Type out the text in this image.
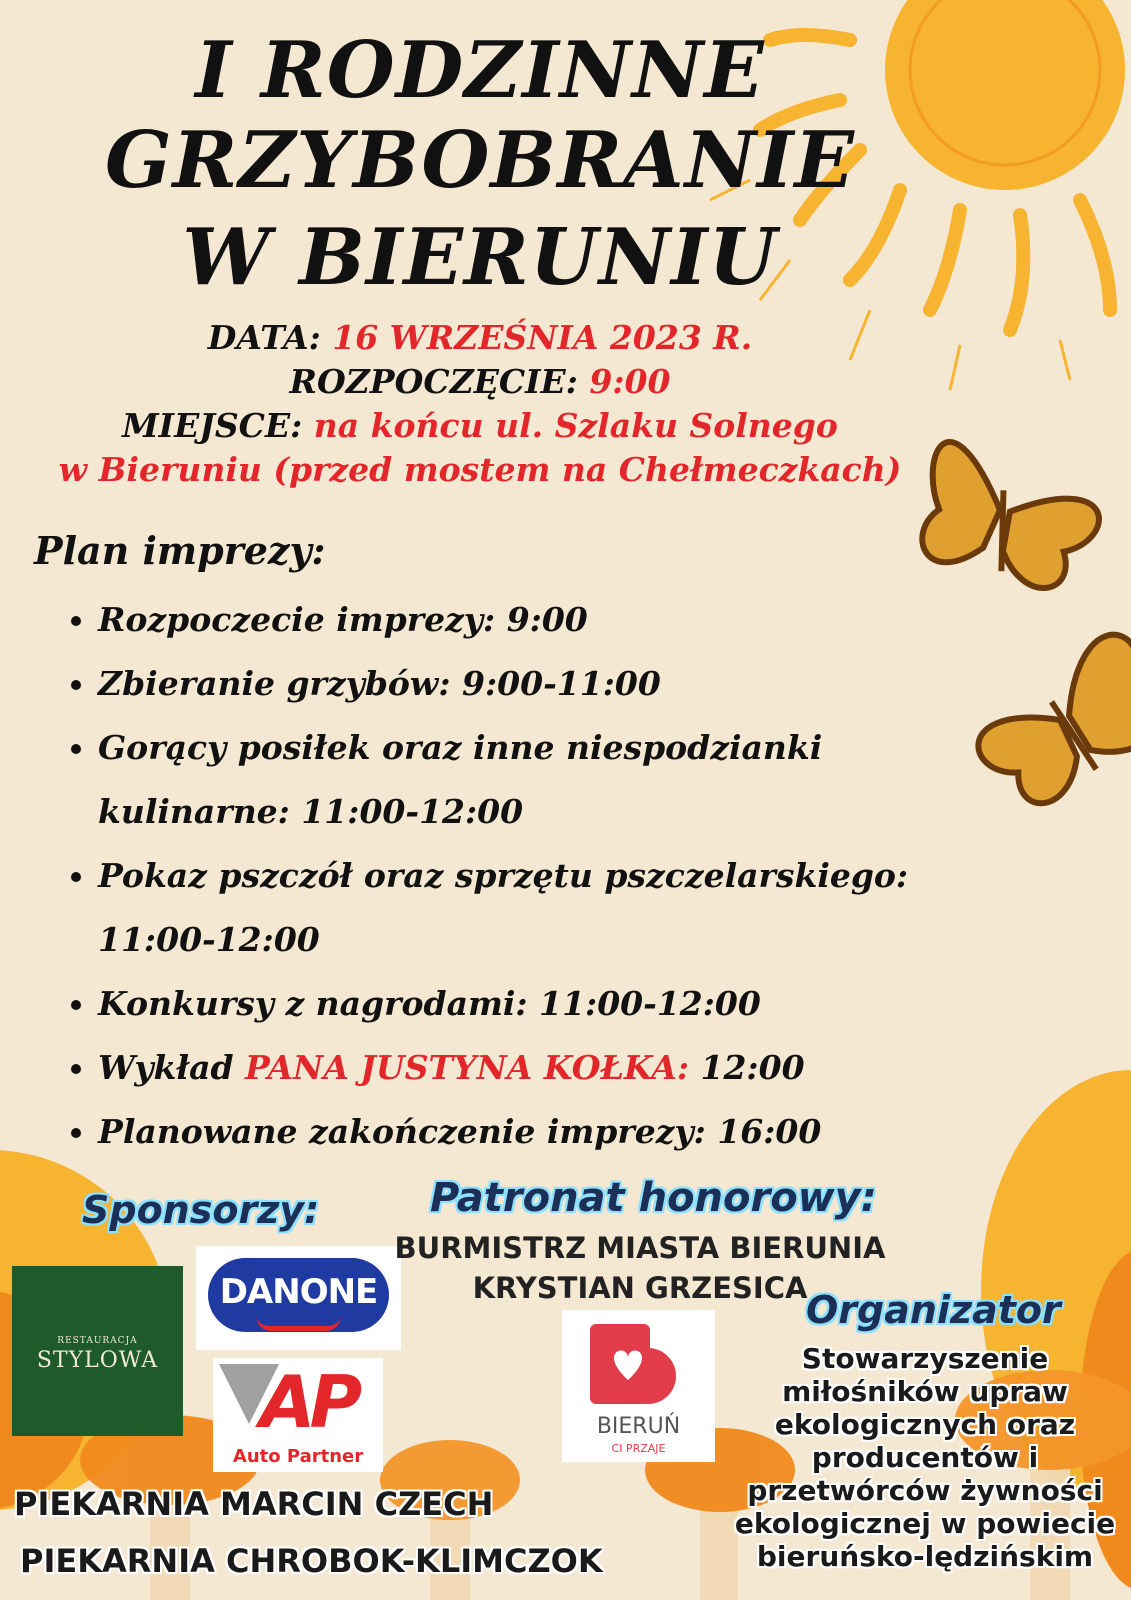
I RODZINNE
GRZYBOBRANIE
W BIERUNIU
DATA: 16 WRZEŚNIA 2023 R.
ROZPOCZĘCIE: 9:00
MIEJSCE: na końcu ul. Szlaku Solnego
w Bieruniu (przed mostem na Chełmeczkach)
Plan imprezy:
• Rozpoczecie imprezy: 9:00
• Zbieranie grzybów: 9:00-11:00
• Gorący posiłek oraz inne niespodzianki kulinarne: 11:00-12:00
• Pokaz pszczół oraz sprzętu pszczelarskiego: 11:00-12:00
• Konkursy z nagrodami: 11:00-12:00
• Wykład PANA JUSTYNA KOŁKA: 12:00
• Planowane zakończenie imprezy: 16:00
Sponsorzy:
RESTAURACJA
STYLOWA
DANONE
AP
Auto Partner
PIEKARNIA MARCIN CZECH
PIEKARNIA CHROBOK-KLIMCZOK
Patronat honorowy:
BURMISTRZ MIASTA BIERUNIA
KRYSTIAN GRZESICA
BIERUŃ
CI PRZAJE
Organizator
Stowarzyszenie
miłośników upraw
ekologicznych oraz
producentów i
przetwórców żywności
ekologicznej w powiecie
bieruńsko-lędzińskim
